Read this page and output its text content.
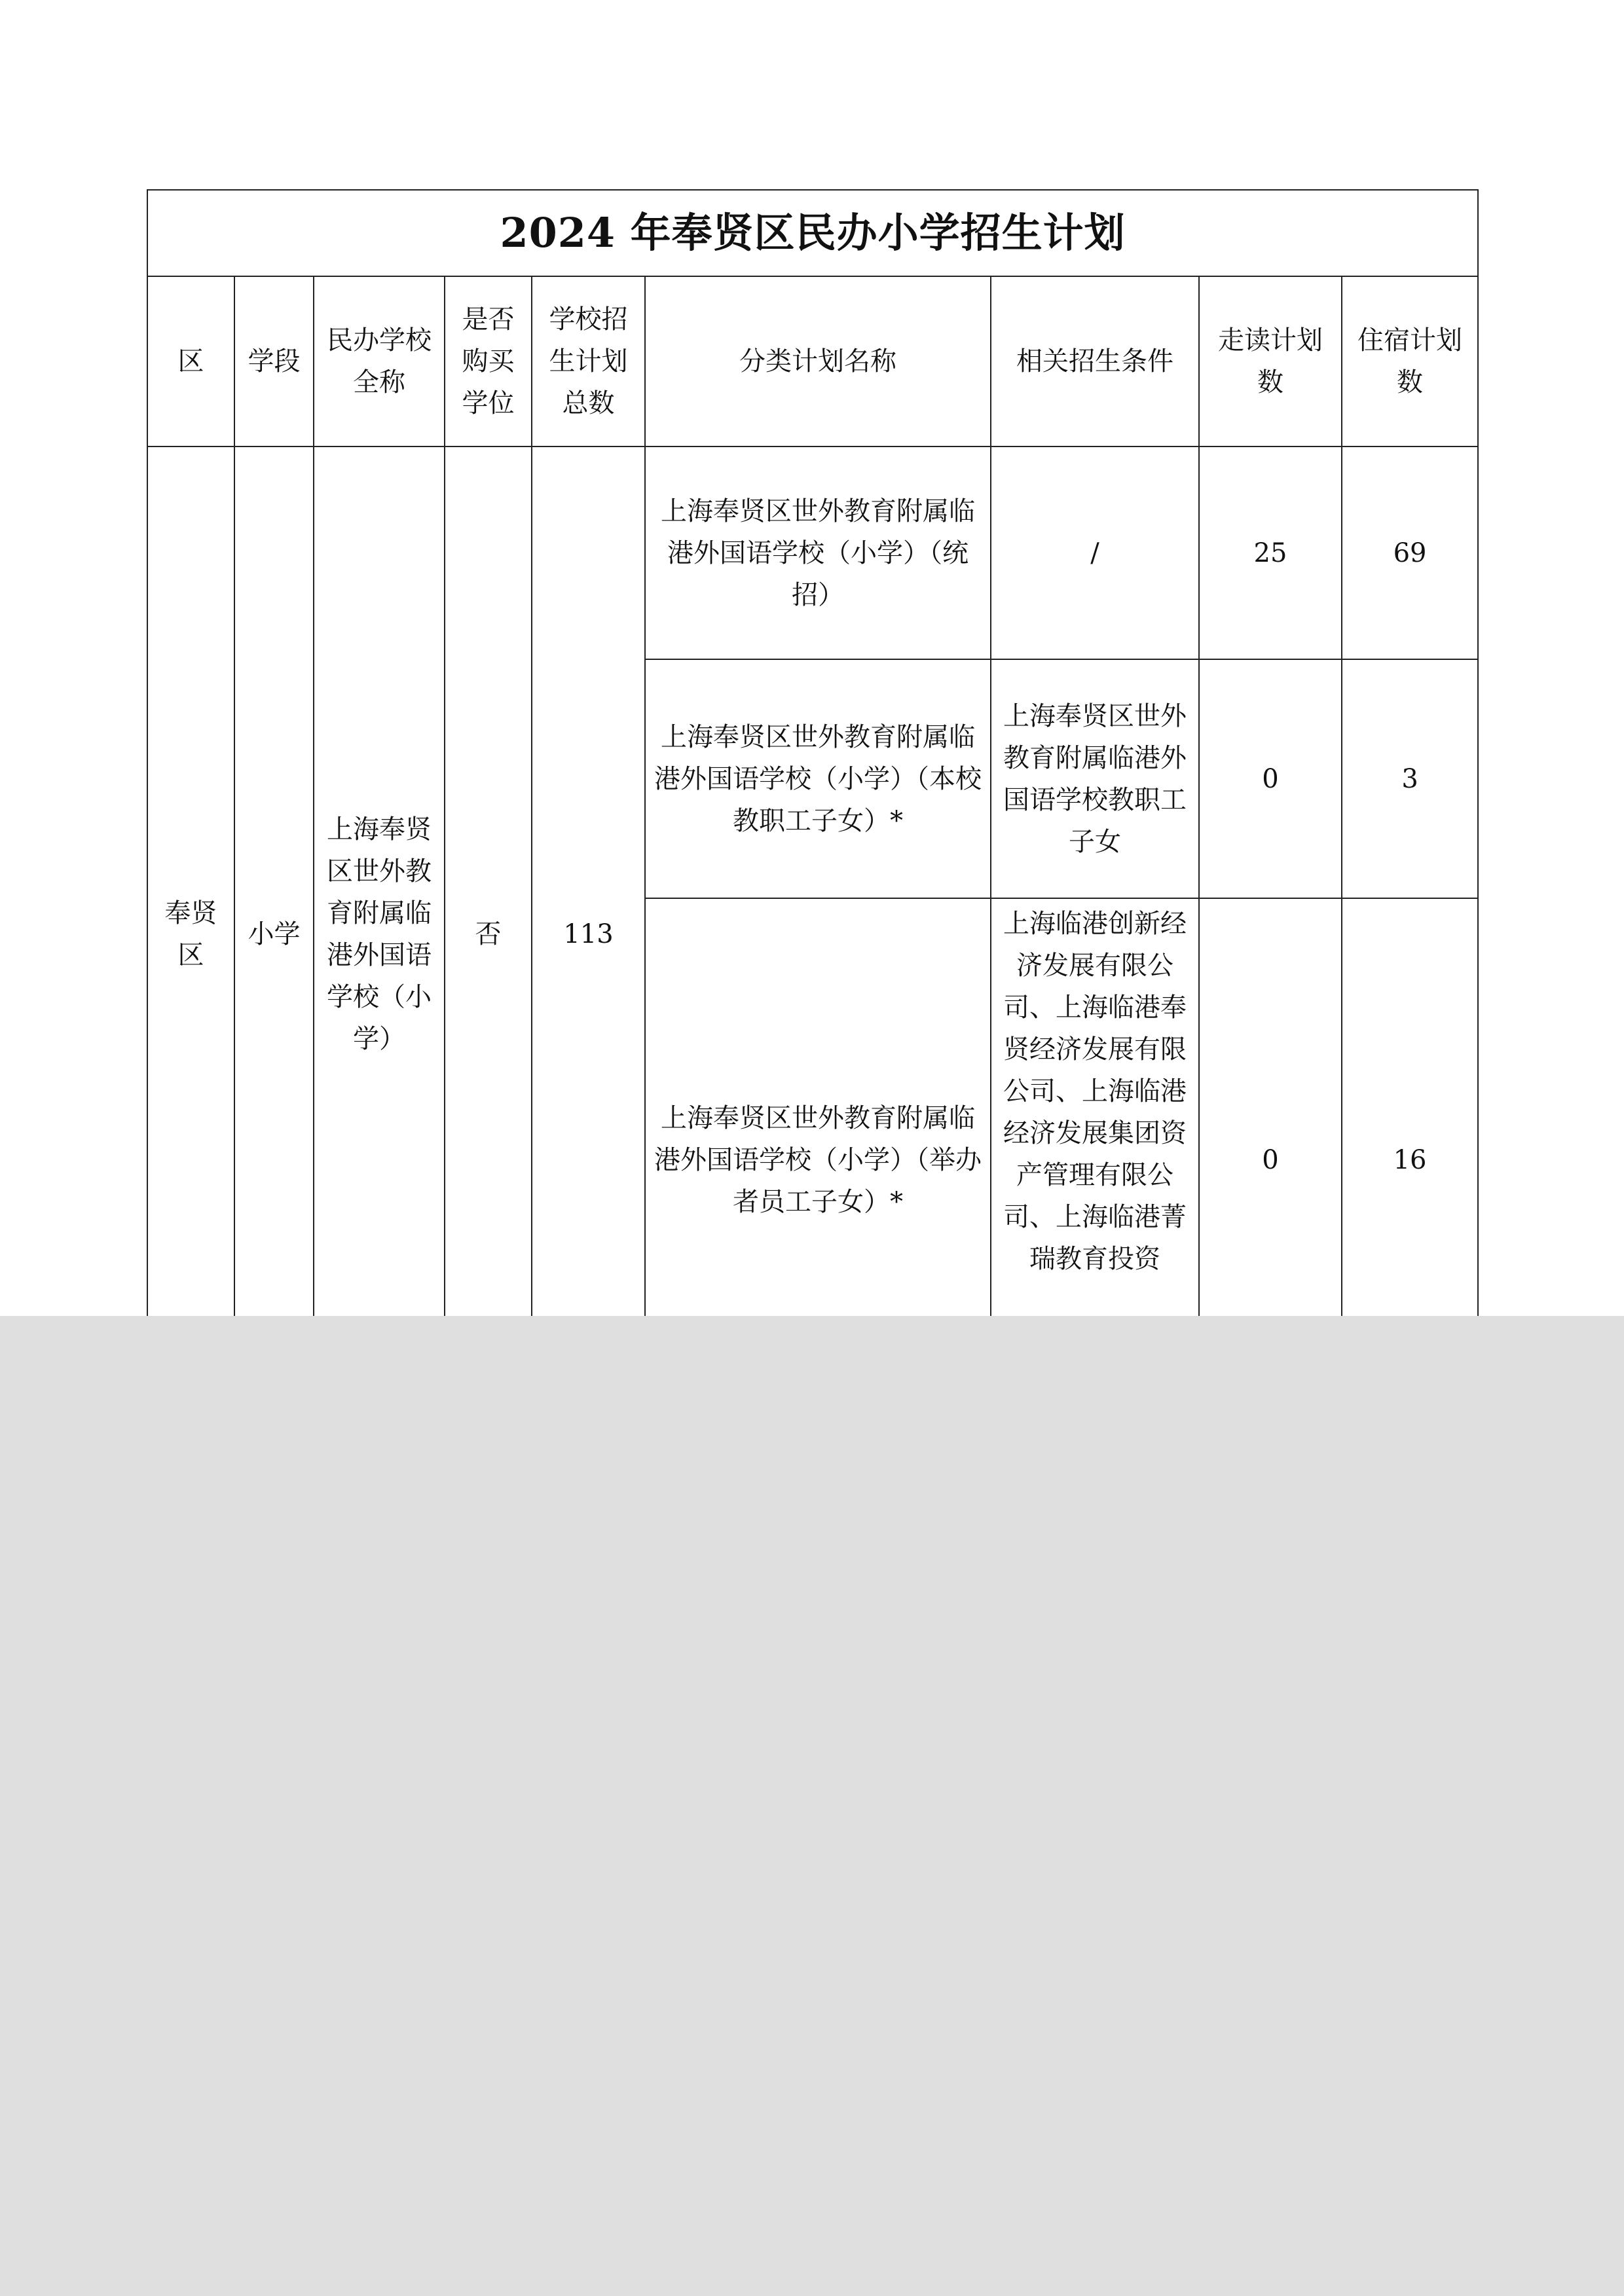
2024 年奉贤区民办小学招生计划								
区	学段	民办学校全称	是否购买学位	学校招生计划总数	分类计划名称	相关招生条件	走读计划数	住宿计划数
奉贤区	小学	上海奉贤区世外教育附属临港外国语学校（小学）	否	113	上海奉贤区世外教育附属临港外国语学校（小学）（统招）	/	25	69
					上海奉贤区世外教育附属临港外国语学校（小学）（本校教职工子女）*	上海奉贤区世外教育附属临港外国语学校教职工子女	0	3
					上海奉贤区世外教育附属临港外国语学校（小学）（举办者员工子女）*	上海临港创新经济发展有限公司、上海临港奉贤经济发展有限公司、上海临港经济发展集团资产管理有限公司、上海临港菁瑞教育投资	0	16
